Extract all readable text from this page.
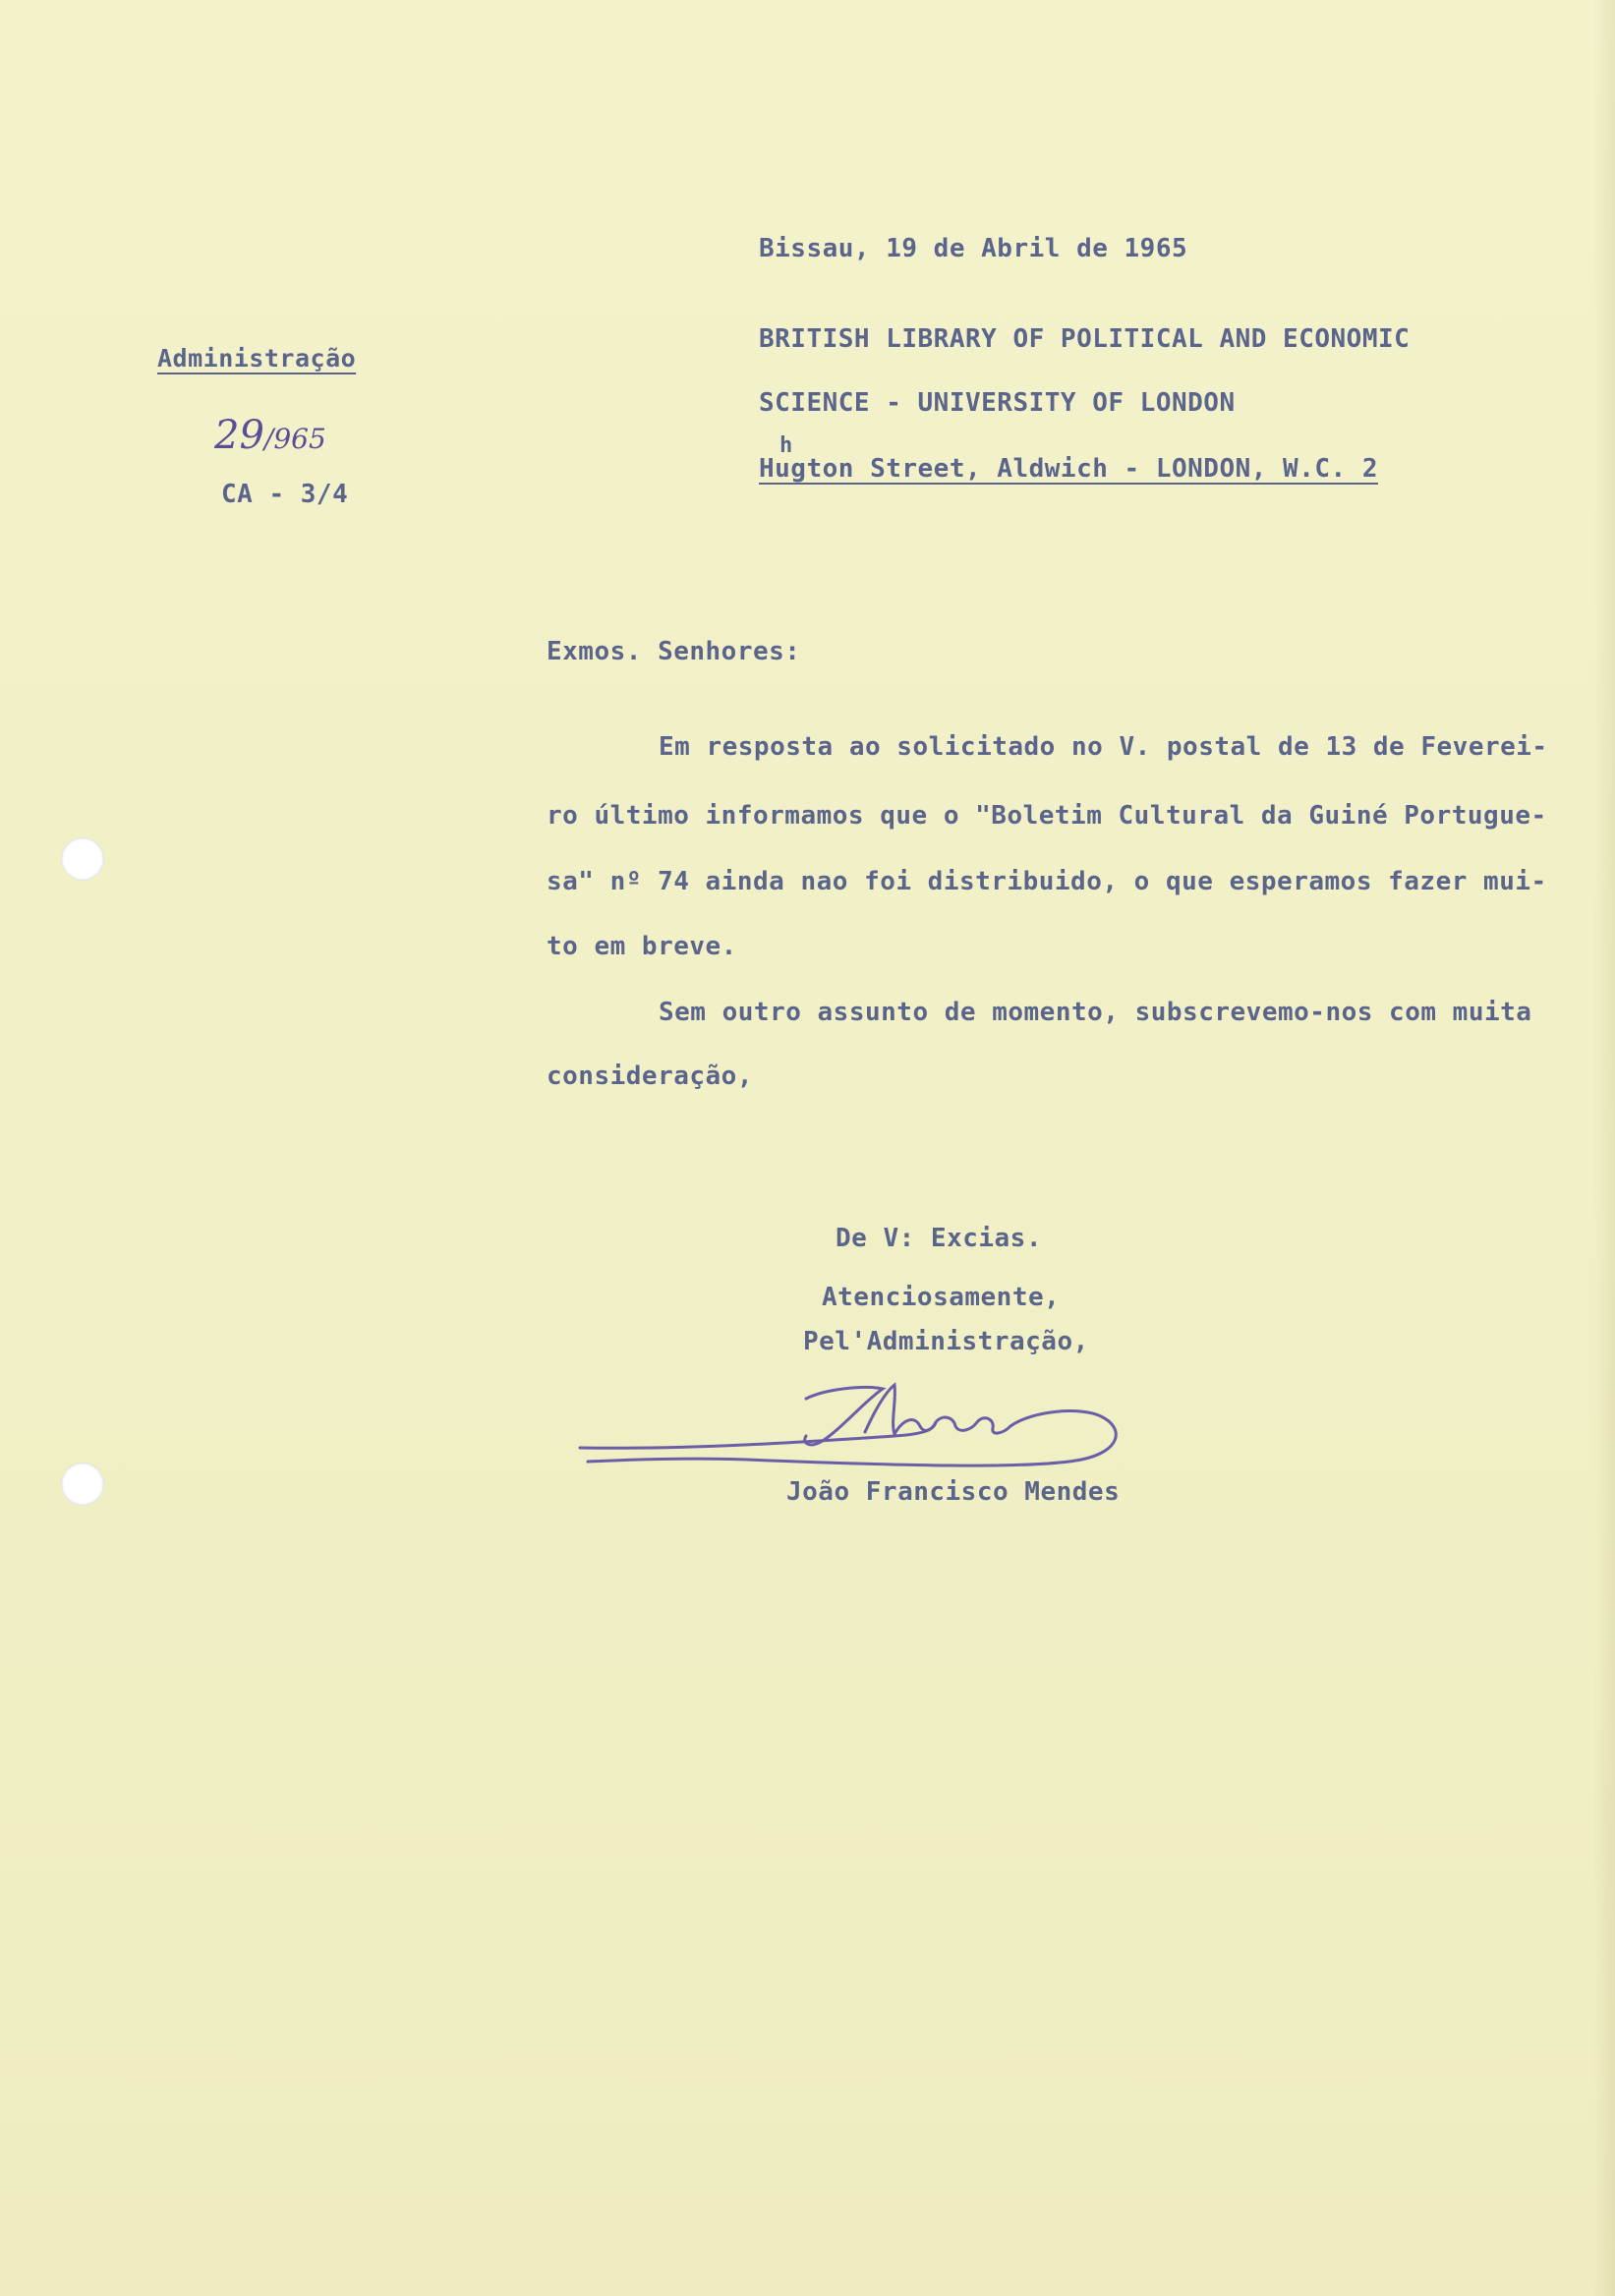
Bissau, 19 de Abril de 1965
BRITISH LIBRARY OF POLITICAL AND ECONOMIC
SCIENCE - UNIVERSITY OF LONDON
h
Hugton Street, Aldwich - LONDON, W.C. 2
Administração
29/965
CA - 3/4
Exmos. Senhores:
Em resposta ao solicitado no V. postal de 13 de Feverei-
ro último informamos que o "Boletim Cultural da Guiné Portugue-
sa" nº 74 ainda nao foi distribuido, o que esperamos fazer mui-
to em breve.
Sem outro assunto de momento, subscrevemo-nos com muita
consideração,
De V: Excias.
Atenciosamente,
Pel'Administração,
João Francisco Mendes
